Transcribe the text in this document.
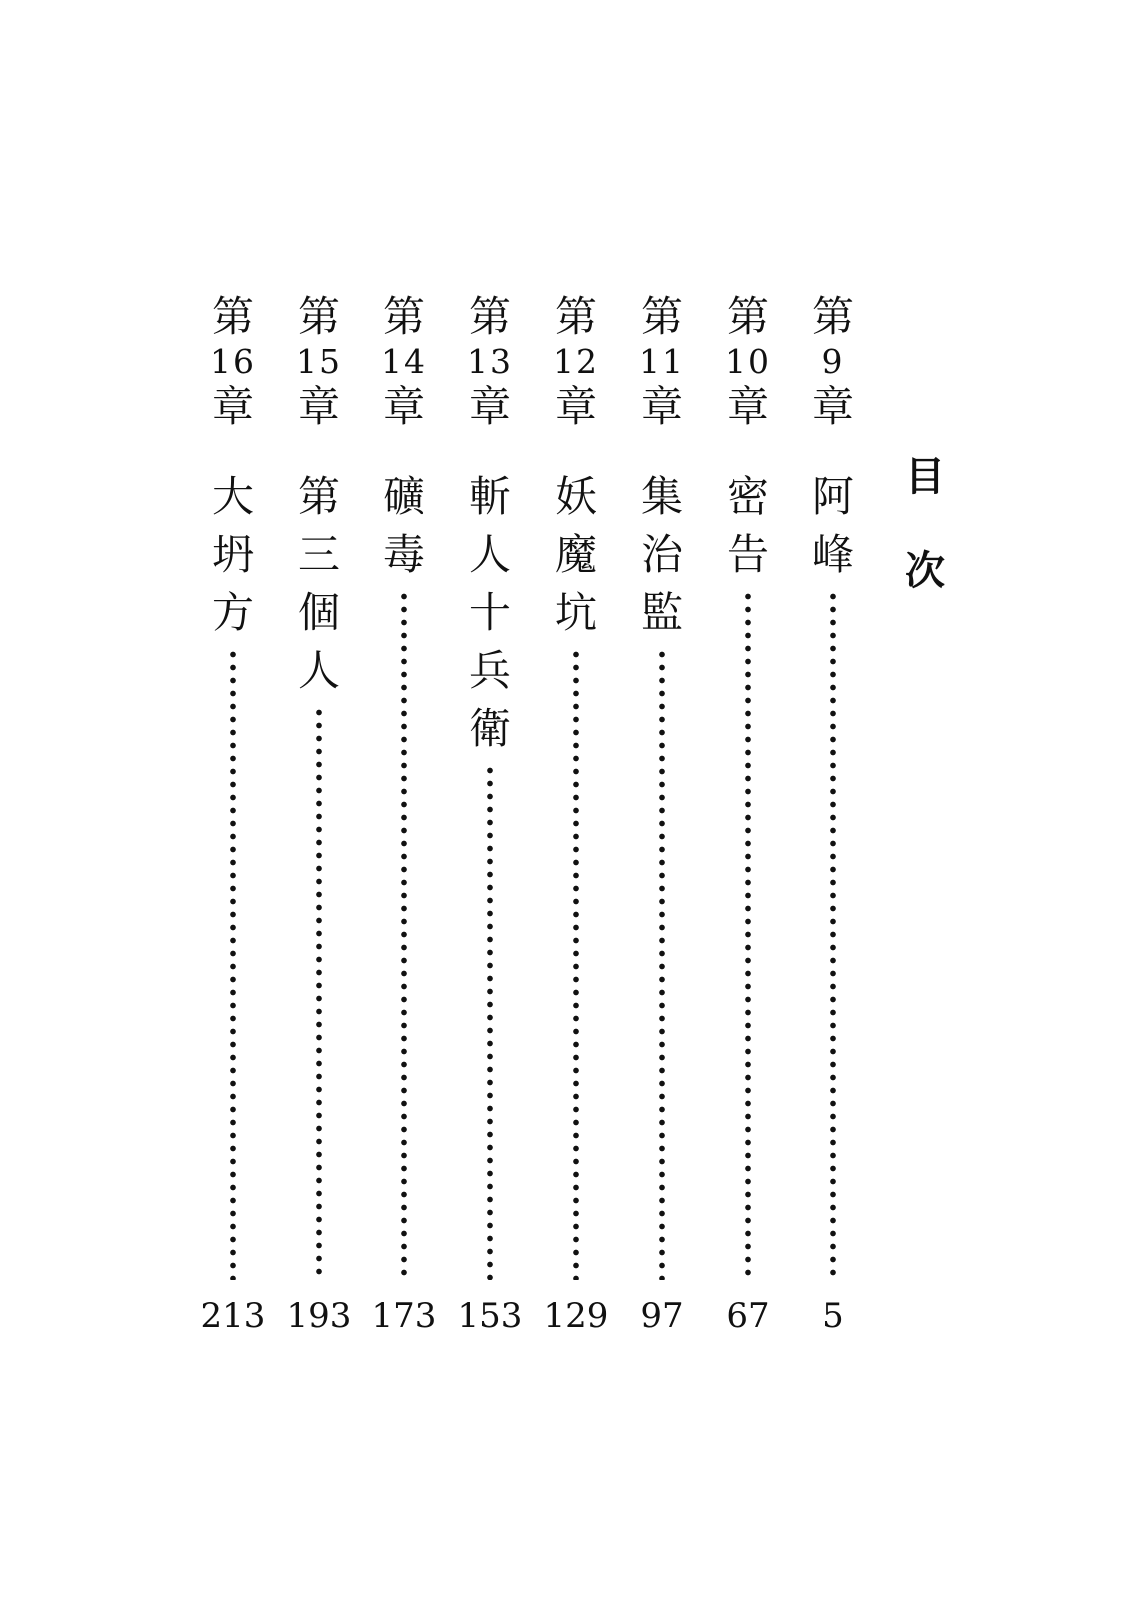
目
次
第
9
章
阿
峰
5
第
10
章
密
告
67
第
11
章
集
治
監
97
第
12
章
妖
魔
坑
129
第
13
章
斬
人
十
兵
衛
153
第
14
章
礦
毒
173
第
15
章
第
三
個
人
193
第
16
章
大
坍
方
213
